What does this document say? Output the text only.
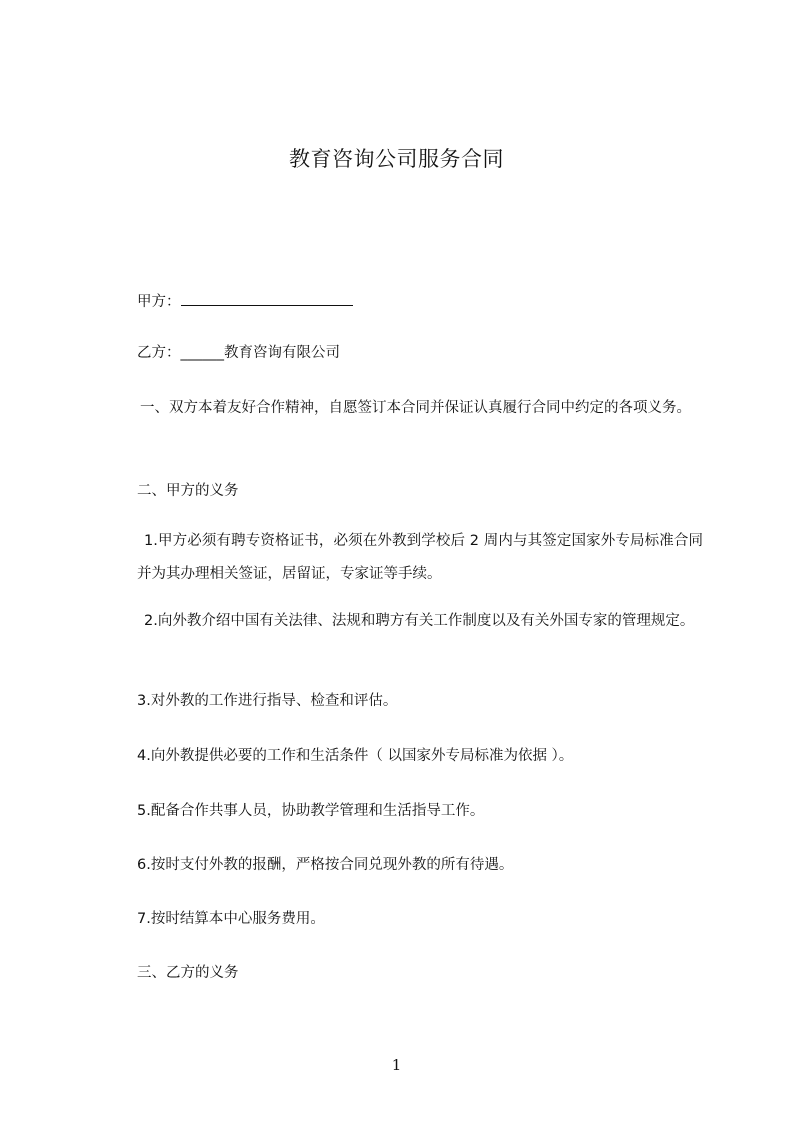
教育咨询公司服务合同
甲方：
乙方：______教育咨询有限公司

一、双方本着友好合作精神，自愿签订本合同并保证认真履行合同中约定的各项义务。

二、甲方的义务

1.甲方必须有聘专资格证书，必须在外教到学校后 2 周内与其签定国家外专局标准合同并为其办理相关签证，居留证，专家证等手续。

2.向外教介绍中国有关法律、法规和聘方有关工作制度以及有关外国专家的管理规定。

3.对外教的工作进行指导、检查和评估。

4.向外教提供必要的工作和生活条件（ 以国家外专局标准为依据 ）。

5.配备合作共事人员，协助教学管理和生活指导工作。

6.按时支付外教的报酬，严格按合同兑现外教的所有待遇。

7.按时结算本中心服务费用。

三、乙方的义务

1
